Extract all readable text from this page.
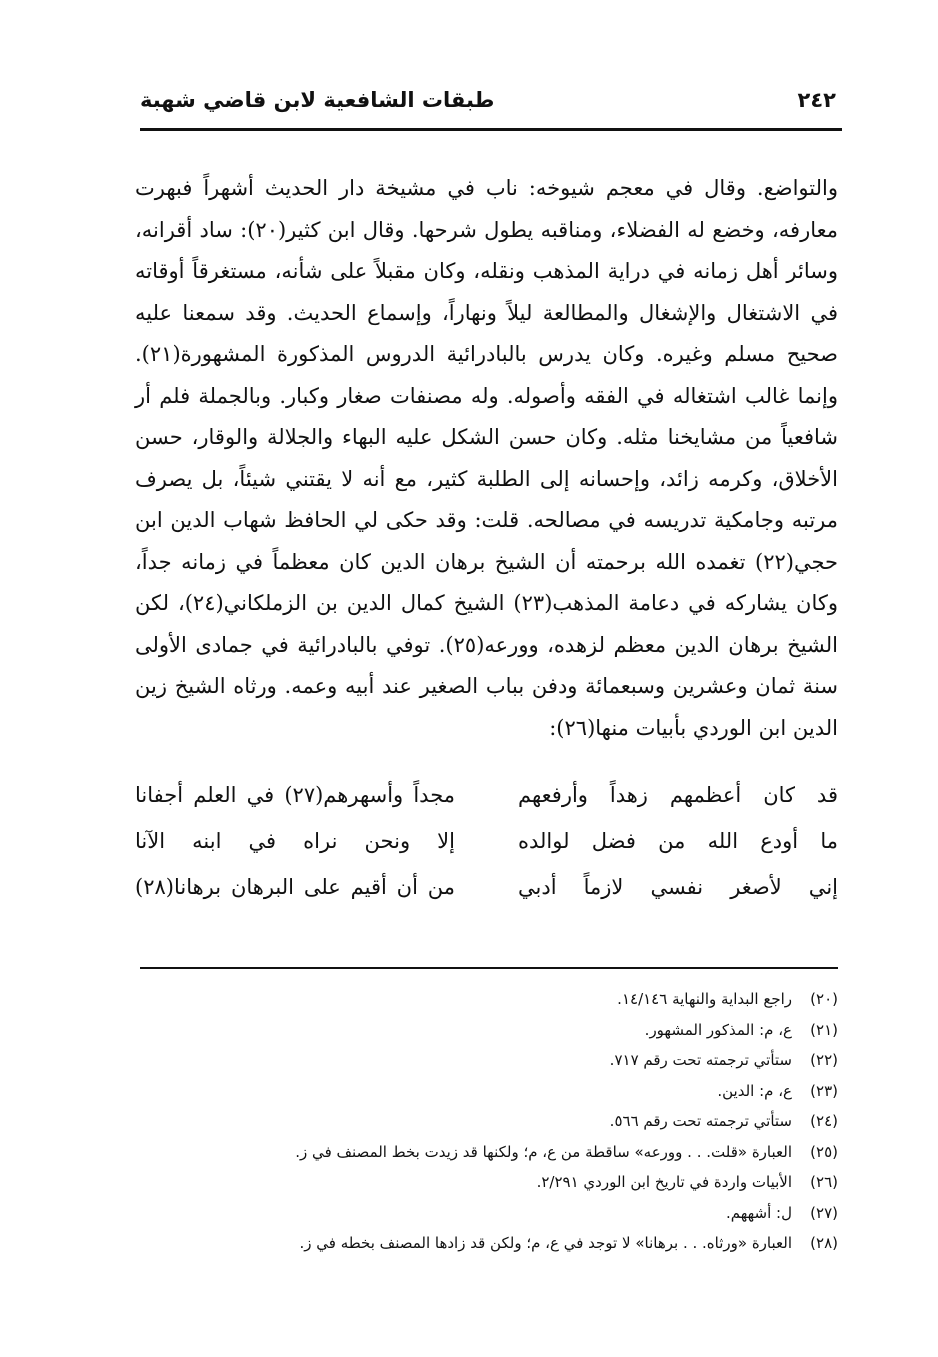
٢٤٢
طبقات الشافعية لابن قاضي شهبة

والتواضع. وقال في معجم شيوخه: ناب في مشيخة دار الحديث أشهراً فبهرت معارفه، وخضع له الفضلاء، ومناقبه يطول شرحها. وقال ابن كثير(٢٠): ساد أقرانه، وسائر أهل زمانه في دراية المذهب ونقله، وكان مقبلاً على شأنه، مستغرقاً أوقاته في الاشتغال والإشغال والمطالعة ليلاً ونهاراً، وإسماع الحديث. وقد سمعنا عليه صحيح مسلم وغيره. وكان يدرس بالبادرائية الدروس المذكورة المشهورة(٢١). وإنما غالب اشتغاله في الفقه وأصوله. وله مصنفات صغار وكبار. وبالجملة فلم أر شافعياً من مشايخنا مثله. وكان حسن الشكل عليه البهاء والجلالة والوقار، حسن الأخلاق، وكرمه زائد، وإحسانه إلى الطلبة كثير، مع أنه لا يقتني شيئاً، بل يصرف مرتبه وجامكية تدريسه في مصالحه. قلت: وقد حكى لي الحافظ شهاب الدين ابن حجي(٢٢) تغمده الله برحمته أن الشيخ برهان الدين كان معظماً في زمانه جداً، وكان يشاركه في دعامة المذهب(٢٣) الشيخ كمال الدين بن الزملكاني(٢٤)، لكن الشيخ برهان الدين معظم لزهده، وورعه(٢٥). توفي بالبادرائية في جمادى الأولى سنة ثمان وعشرين وسبعمائة ودفن بباب الصغير عند أبيه وعمه. ورثاه الشيخ زين الدين ابن الوردي بأبيات منها(٢٦):

قد كان أعظمهم زهداً وأرفعهم
مجداً وأسهرهم(٢٧) في العلم أجفانا
ما أودع الله من فضل لوالده
إلا ونحن نراه في ابنه الآنا
إني لأصغر نفسي لازماً أدبي
من أن أقيم على البرهان برهانا(٢٨)
(٢٠)
راجع البداية والنهاية ١٤/١٤٦.
(٢١)
ع، م: المذكور المشهور.
(٢٢)
ستأتي ترجمته تحت رقم ٧١٧.
(٢٣)
ع، م: الدين.
(٢٤)
ستأتي ترجمته تحت رقم ٥٦٦.
(٢٥)
العبارة «قلت. . . وورعه» ساقطة من ع، م؛ ولكنها قد زيدت بخط المصنف في ز.
(٢٦)
الأبيات واردة في تاريخ ابن الوردي ٢/٢٩١.
(٢٧)
ل: أشههم.
(٢٨)
العبارة «ورثاه. . . برهانا» لا توجد في ع، م؛ ولكن قد زادها المصنف بخطه في ز.
